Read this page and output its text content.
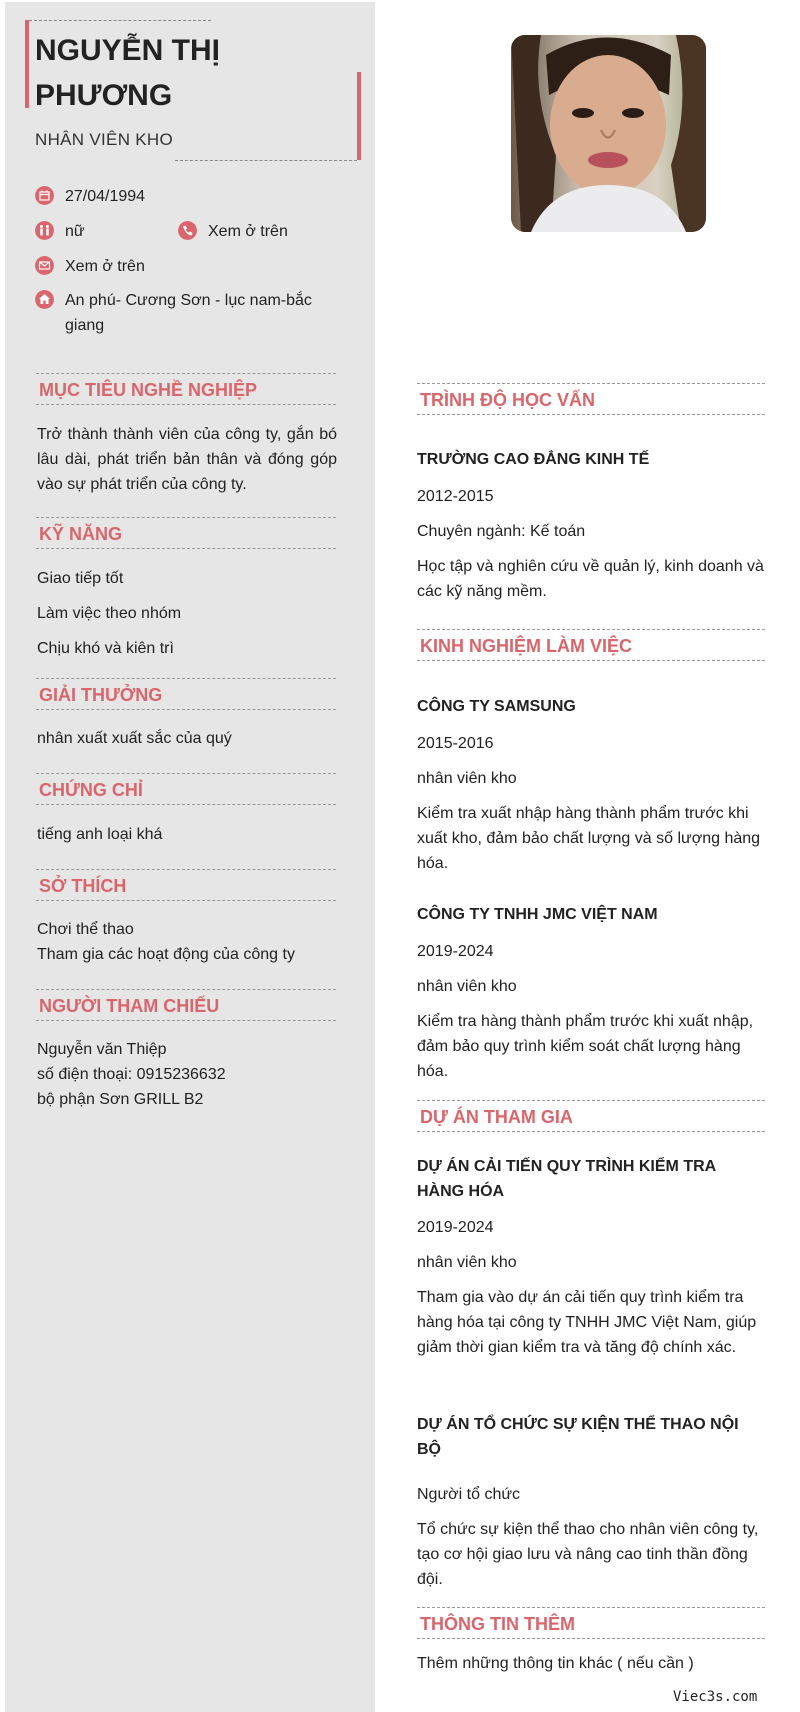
NGUYỄN THỊ PHƯƠNG
NHÂN VIÊN KHO
27/04/1994
nữ	Xem ở trên
Xem ở trên
An phú- Cương Sơn - lục nam-bắc giang
MỤC TIÊU NGHỀ NGHIỆP
Trở thành thành viên của công ty, gắn bó lâu dài, phát triển bản thân và đóng góp vào sự phát triển của công ty.
KỸ NĂNG
Giao tiếp tốt
Làm việc theo nhóm
Chịu khó và kiên trì
GIẢI THƯỞNG
nhân xuất xuất sắc của quý
CHỨNG CHỈ
tiếng anh loại khá
SỞ THÍCH
Chơi thể thao
Tham gia các hoạt động của công ty
NGƯỜI THAM CHIẾU
Nguyễn văn Thiệp
số điện thoại: 0915236632
bộ phận Sơn GRILL B2
TRÌNH ĐỘ HỌC VẤN
TRƯỜNG CAO ĐẲNG KINH TẾ
2012-2015
Chuyên ngành: Kế toán
Học tập và nghiên cứu về quản lý, kinh doanh và các kỹ năng mềm.
KINH NGHIỆM LÀM VIỆC
CÔNG TY SAMSUNG
2015-2016
nhân viên kho
Kiểm tra xuất nhập hàng thành phẩm trước khi xuất kho, đảm bảo chất lượng và số lượng hàng hóa.
CÔNG TY TNHH JMC VIỆT NAM
2019-2024
nhân viên kho
Kiểm tra hàng thành phẩm trước khi xuất nhập, đảm bảo quy trình kiểm soát chất lượng hàng hóa.
DỰ ÁN THAM GIA
DỰ ÁN CẢI TIẾN QUY TRÌNH KIỂM TRA HÀNG HÓA
2019-2024
nhân viên kho
Tham gia vào dự án cải tiến quy trình kiểm tra hàng hóa tại công ty TNHH JMC Việt Nam, giúp giảm thời gian kiểm tra và tăng độ chính xác.
DỰ ÁN TỔ CHỨC SỰ KIỆN THỂ THAO NỘI BỘ
Người tổ chức
Tổ chức sự kiện thể thao cho nhân viên công ty, tạo cơ hội giao lưu và nâng cao tinh thần đồng đội.
THÔNG TIN THÊM
Thêm những thông tin khác ( nếu cần )
Viec3s.com
